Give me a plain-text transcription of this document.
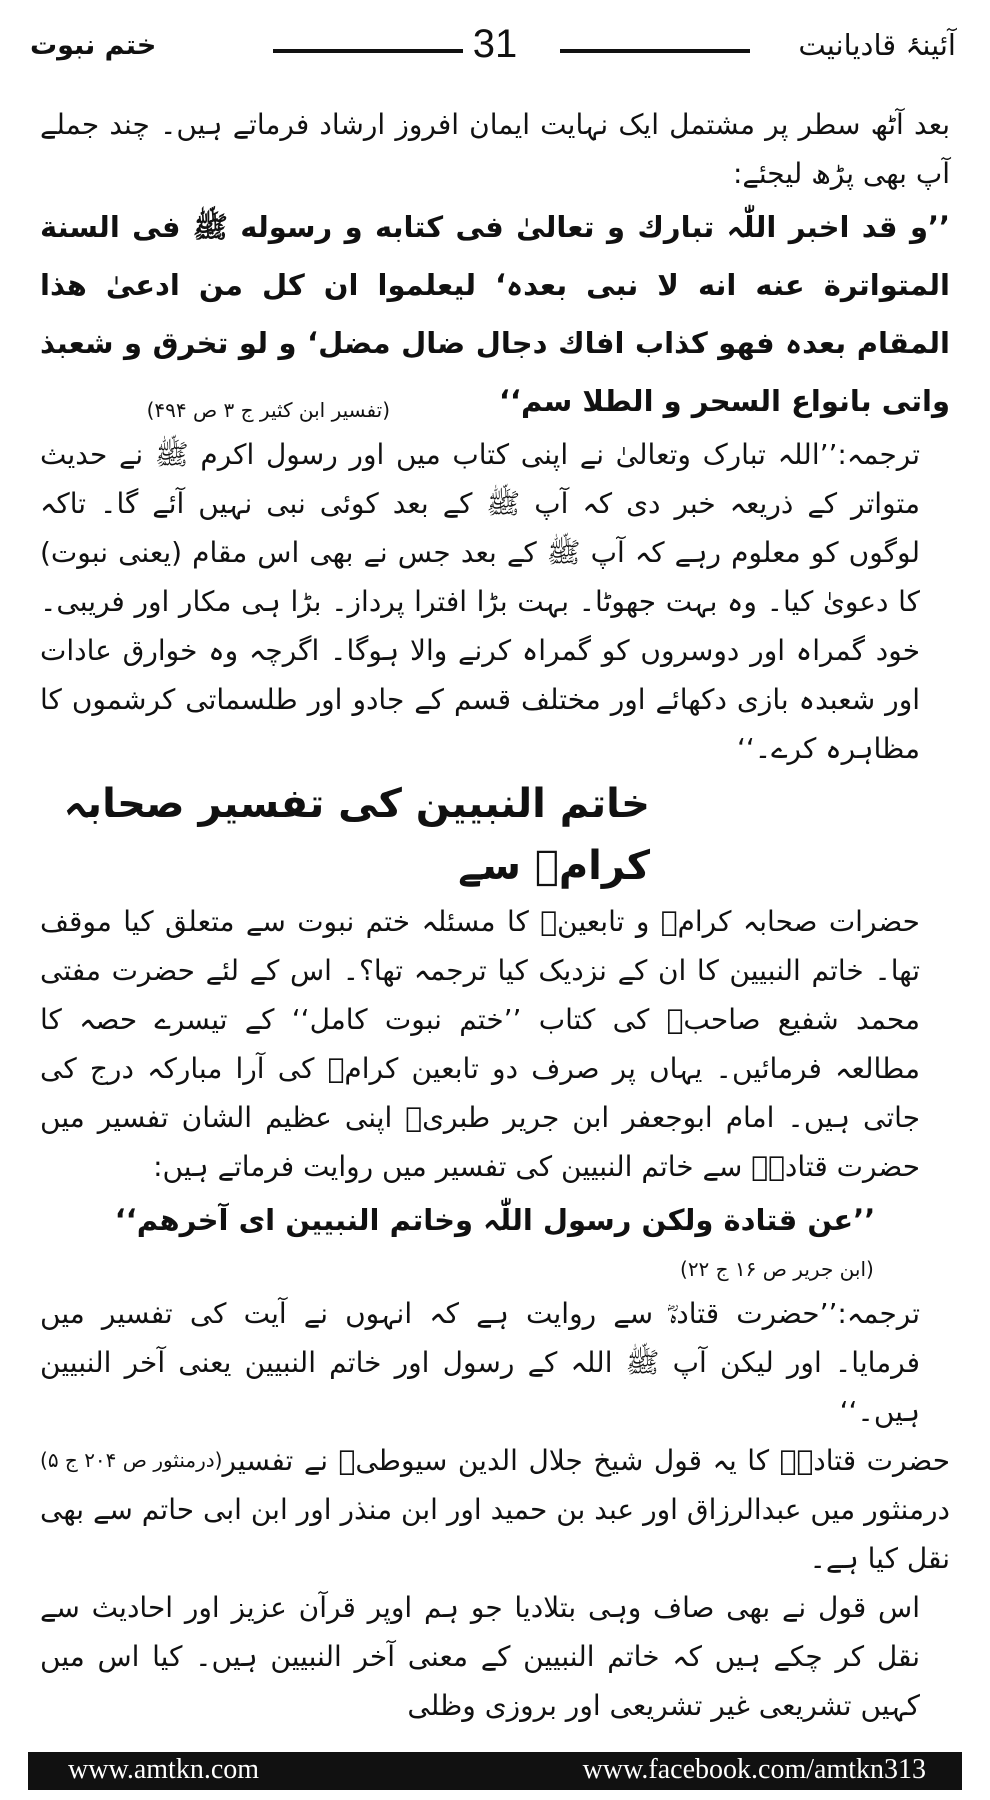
ختم نبوت	31	آئینۂ قادیانیت

بعد آٹھ سطر پر مشتمل ایک نہایت ایمان افروز ارشاد فرماتے ہیں۔ چند جملے آپ بھی پڑھ لیجئے:

’’و قد اخبر اللّٰہ تبارك و تعالیٰ فی كتابه و رسوله ﷺ فی السنة المتواترة عنه انه لا نبی بعدہ‘ لیعلموا ان كل من ادعیٰ ھذا المقام بعدہ فهو كذاب افاك دجال ضال مضل‘ و لو تخرق و شعبذ واتی بانواع السحر و الطلا سم‘‘

(تفسیر ابن کثیر ج ۳ ص ۴۹۴)

ترجمہ:’’اللہ تبارک وتعالیٰ نے اپنی کتاب میں اور رسول اکرم ﷺ نے حدیث متواتر کے ذریعہ خبر دی کہ آپ ﷺ کے بعد کوئی نبی نہیں آئے گا۔ تاکہ لوگوں کو معلوم رہے کہ آپ ﷺ کے بعد جس نے بھی اس مقام (یعنی نبوت) کا دعویٰ کیا۔ وہ بہت جھوٹا۔ بہت بڑا افترا پرداز۔ بڑا ہی مکار اور فریبی۔ خود گمراہ اور دوسروں کو گمراہ کرنے والا ہوگا۔ اگرچہ وہ خوارق عادات اور شعبدہ بازی دکھائے اور مختلف قسم کے جادو اور طلسماتی کرشموں کا مظاہرہ کرے۔‘‘

خاتم النبیین کی تفسیر صحابہ کرامؓ سے

حضرات صحابہ کرامؓ و تابعینؒ کا مسئلہ ختم نبوت سے متعلق کیا موقف تھا۔ خاتم النبیین کا ان کے نزدیک کیا ترجمہ تھا؟۔ اس کے لئے حضرت مفتی محمد شفیع صاحبؒ کی کتاب ’’ختم نبوت کامل‘‘ کے تیسرے حصہ کا مطالعہ فرمائیں۔ یہاں پر صرف دو تابعین کرامؒ کی آرا مبارکہ درج کی جاتی ہیں۔ امام ابوجعفر ابن جریر طبریؒ اپنی عظیم الشان تفسیر میں حضرت قتادہؓ سے خاتم النبیین کی تفسیر میں روایت فرماتے ہیں:

’’عن قتادة ولكن رسول اللّٰہ وخاتم النبیین ای آخرھم‘‘

(ابن جریر ص ۱۶ ج ۲۲)

ترجمہ:’’حضرت قتادہؓ سے روایت ہے کہ انہوں نے آیت کی تفسیر میں فرمایا۔ اور لیکن آپ ﷺ اللہ کے رسول اور خاتم النبیین یعنی آخر النبیین ہیں۔‘‘

(درمنثور ص ۲۰۴ ج ۵) حضرت قتادہؓ کا یہ قول شیخ جلال الدین سیوطیؒ نے تفسیر درمنثور میں عبدالرزاق اور عبد بن حمید اور ابن منذر اور ابن ابی حاتم سے بھی نقل کیا ہے۔

اس قول نے بھی صاف وہی بتلادیا جو ہم اوپر قرآن عزیز اور احادیث سے نقل کر چکے ہیں کہ خاتم النبیین کے معنی آخر النبیین ہیں۔ کیا اس میں کہیں تشریعی غیر تشریعی اور بروزی وظلی

www.amtkn.com	www.facebook.com/amtkn313
